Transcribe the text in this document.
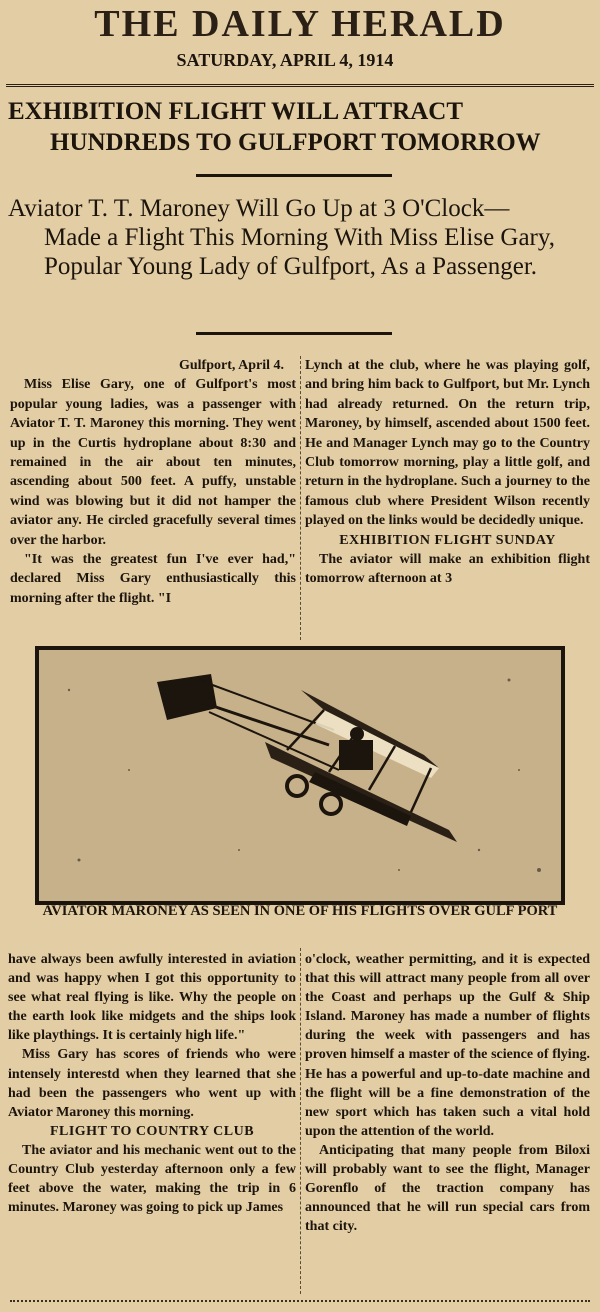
THE DAILY HERALD
SATURDAY, APRIL 4, 1914
EXHIBITION FLIGHT WILL ATTRACT
HUNDREDS TO GULFPORT TOMORROW
Aviator T. T. Maroney Will Go Up at 3 O'Clock—
Made a Flight This Morning With Miss Elise Gary, Popular Young Lady of Gulfport, As a Passenger.

Gulfport, April 4.

Miss Elise Gary, one of Gulfport's most popular young ladies, was a passenger with Aviator T. T. Maroney this morning. They went up in the Curtis hydroplane about 8:30 and remained in the air about ten minutes, ascending about 500 feet. A puffy, unstable wind was blowing but it did not hamper the aviator any. He circled gracefully several times over the harbor.

"It was the greatest fun I've ever had," declared Miss Gary enthusiastically this morning after the flight. "I

Lynch at the club, where he was playing golf, and bring him back to Gulfport, but Mr. Lynch had already returned. On the return trip, Maroney, by himself, ascended about 1500 feet. He and Manager Lynch may go to the Country Club tomorrow morning, play a little golf, and return in the hydroplane. Such a journey to the famous club where President Wilson recently played on the links would be decidedly unique.

EXHIBITION FLIGHT SUNDAY

The aviator will make an exhibition flight tomorrow afternoon at 3

AVIATOR MARONEY AS SEEN IN ONE OF HIS FLIGHTS OVER GULF PORT

have always been awfully interested in aviation and was happy when I got this opportunity to see what real flying is like. Why the people on the earth look like midgets and the ships look like playthings. It is certainly high life."

Miss Gary has scores of friends who were intensely interestd when they learned that she had been the passengers who went up with Aviator Maroney this morning.

FLIGHT TO COUNTRY CLUB

The aviator and his mechanic went out to the Country Club yesterday afternoon only a few feet above the water, making the trip in 6 minutes. Maroney was going to pick up James

o'clock, weather permitting, and it is expected that this will attract many people from all over the Coast and perhaps up the Gulf & Ship Island. Maroney has made a number of flights during the week with passengers and has proven himself a master of the science of flying. He has a powerful and up-to-date machine and the flight will be a fine demonstration of the new sport which has taken such a vital hold upon the attention of the world.

Anticipating that many people from Biloxi will probably want to see the flight, Manager Gorenflo of the traction company has announced that he will run special cars from that city.
